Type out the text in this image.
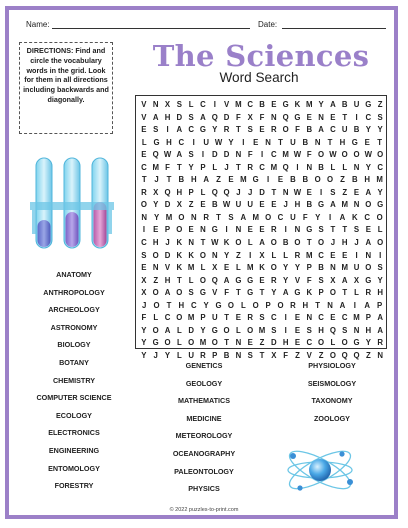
Name:	Date:
DIRECTIONS: Find and circle the vocabulary words in the grid. Look for them in all directions including backwards and diagonally.
The Sciences
Word Search
V N X S L C	I	V M C B E G K M Y A B U G Z
V A H D S A Q D F X F N Q G E N E T	I	C S
E S	I	A C G Y R T S E R O F B A C U B Y Y
L G H C	I	U W Y	I	E N T U B N T H G E T
E Q W A S	I	D D N F	I	C M W F O W O O W O
C M F T Y P L J T R C M Q I	N B L L N Y C
T	J	T B H A Z E M G	I	E B B O O Z B H M
R X Q H P L Q Q J J D T N W E	I	S Z E A Y
O Y D X Z E B W U U E E J H B G A M N O G
N Y M O N R T S A M O C U F Y	I	A K C O
I	E P O E N G I	N E E R	I	N G S T T S E L
C H J K N T W K O L A O B O T O J H J A O
S O D K K O N Y Z	I	X L L R M C E E	I	N	I
E N V K M L X E L M K O Y Y P B N M U O S
X Z H T L O Q A G G E R Y V F S X A X G Y
X O A O S G V F T G T Y A G K P O T L R H
J O T H C Y G O L O P O R H T N A	I	A P
F L C O M P U T E R S C	I	E N C E C M P A
Y O A L D Y G O L O M S	I	E S H Q S N H A
Y G O L O M O T N E Z D H E C O L O G Y R
Y J Y L U R P B N S T X F Z V Z O Q Q Z N
ANATOMY
ANTHROPOLOGY
ARCHEOLOGY
ASTRONOMY
BIOLOGY
BOTANY
CHEMISTRY
COMPUTER SCIENCE
ECOLOGY
ELECTRONICS
ENGINEERING
ENTOMOLOGY
FORESTRY
GENETICS
GEOLOGY
MATHEMATICS
MEDICINE
METEOROLOGY
OCEANOGRAPHY
PALEONTOLOGY
PHYSICS
PHYSIOLOGY
SEISMOLOGY
TAXONOMY
ZOOLOGY
© 2022 puzzles-to-print.com
